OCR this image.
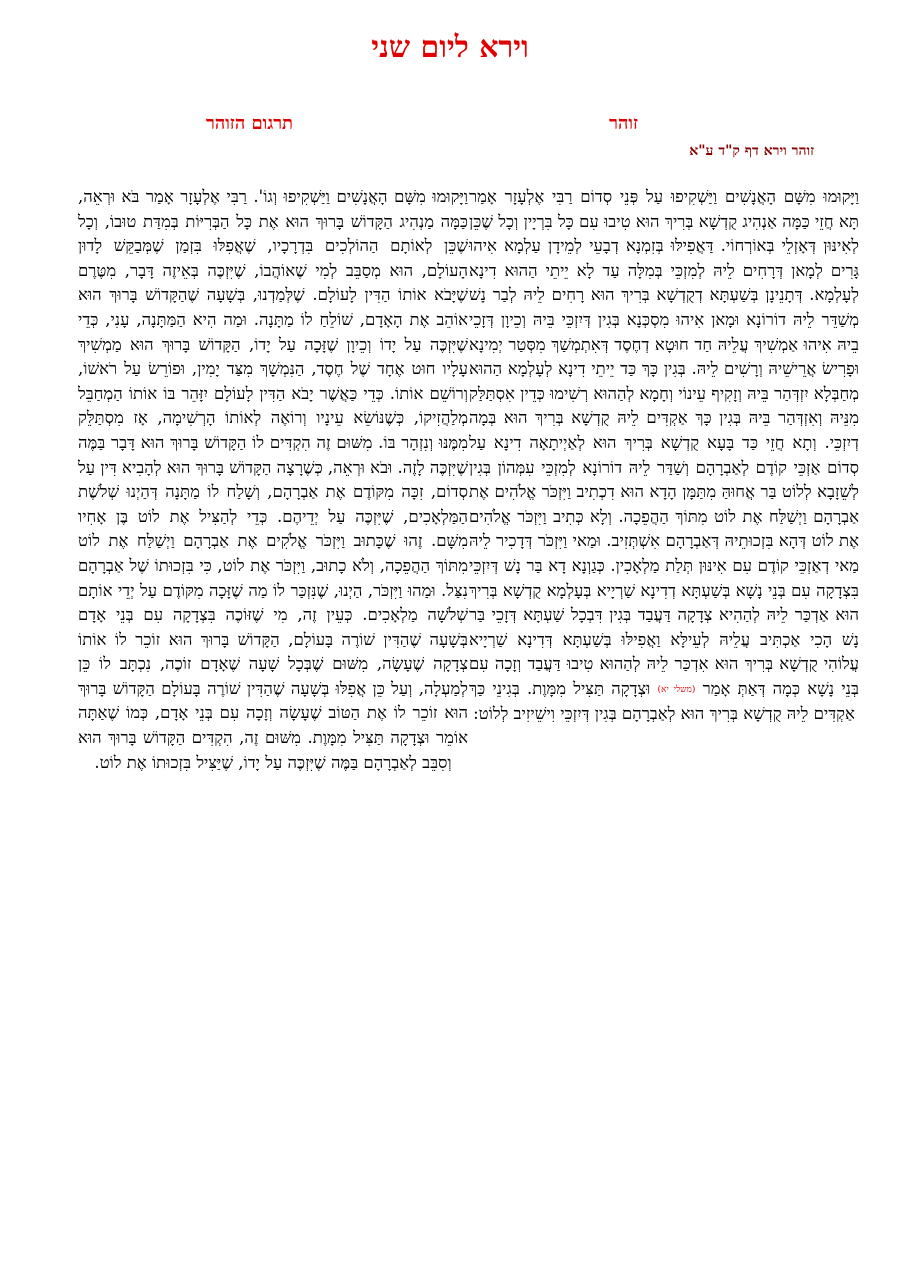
וירא ליום שני
זוהר
תרגום הזוהר
זוהר וירא דף ק"ד ע"א

וַיָּקוּמוּ מִשָּׁם הָאֲנָשִׁים וַיַּשְׁקִיפוּ עַל פְּנֵי סְדוֹם רַבִּי אֶלְעָזָר אָמַר תָּא חֲזֵי כַּמָּה אַנְהִיג קֻדְשָׁא בְּרִיךְ הוּא טִיבוּ עִם כָּל בִּרְיָין וְכָל שֶׁכֵּן לְאִינּוּן דְּאָזְלֵי בְּאוֹרְחוֹי. דַּאֲפִילּוּ בְּזִמְנָא דְבָעֵי לְמֵידָן עַלְמָא אִיהוּ גָּרִים לְמָאן דְּרָחִים לֵיהּ לְמִזְכֵּי בְּמִלָּה עַד לָא יֵיתֵי הַהוּא דִינָא לְעָלְמָא. דְּתָנֵינָן בְּשַׁעְתָּא דְקֻדְשָׁא בְּרִיךְ הוּא רָחִים לֵיהּ לְבַר נָשׁ מְשַׁדֵּר לֵיהּ דוֹרוֹנָא וּמָאן אִיהוּ מִסְכְּנָא בְּגִין דְּיִזְכֵּי בֵּיהּ וְכֵיוָן דְּזָכֵי בֵיהּ אִיהוּ אַמְשִׁיךְ עֲלֵיהּ חַד חוּטָא דְחֶסֶד דְּאִתְמְשַׁךְ מִסְּטַר יְמִינָא וּפָרִישׂ אֲרֵישֵׁיהּ וְרָשִׁים לֵיהּ. בְּגִין כָּךְ כַּד יֵיתֵי דִינָא לְעָלְמָא הַהוּא מְחַבְּלָא יִזְדְּהַר בֵּיהּ וְזָקִיף עֵינוֹי וְחָמָא לְהַהוּא רְשִׁימוּ כְּדֵין אִסְתַּלַּק מִנֵּיהּ וְאִזְדְּהַר בֵּיהּ בְּגִין כָּךְ אַקְדִּים לֵיהּ קֻדְשָׁא בְּרִיךְ הוּא בְּמָה דְיִזְכֵּי. וְתָא חֲזֵי כַּד בָּעָא קֻדְשָׁא בְּרִיךְ הוּא לְאַיְיתָאָה דִינָא עַל סְדוֹם אַזְכֵּי קוֹדֶם לְאַבְרָהָם וְשַׁדַּר לֵיהּ דוֹרוֹנָא לְמִזְכֵּי עִמְּהוֹן בְּגִין לְשֵׁזָבָא לְלוֹט בַּר אֲחוּהַּ מִתַּמָּן הָדָא הוּא דִכְתִיב וַיִּזְכֹּר אֱלֹהִים אֶת אַבְרָהָם וַיְשַׁלַּח אֶת לוֹט מִתּוֹךְ הַהֲפֵכָה. וְלָא כְּתִיב וַיִּזְכֹּר אֱלֹהִים אֶת לוֹט דְּהָא בִּזְכוּתֵיהּ דְּאַבְרָהָם אִשְׁתְּזִיב. וּמַאי וַיִּזְכֹּר דְּדָכִיר לֵיהּ מַאי דְאַזְכֵּי קוֹדֶם עִם אִינּוּן תְּלַת מַלְאָכִין. כְּגַוְנָא דָא בַּר נָשׁ דְּיִזְכֵּי בִּצְדָקָה עִם בְּנֵי נָשָׁא בְּשַׁעְתָּא דְדִינָא שַׁרְיָיא בְּעָלְמָא קֻדְשָׁא בְּרִיךְ הוּא אַדְכַּר לֵיהּ לְהַהִיא צְדָקָה דַּעֲבַד בְּגִין דִּבְכָל שַׁעְתָּא דְּזָכֵי בַּר נָשׁ הָכִי אַכְתִּיב עֲלֵיהּ לְעֵילָּא וַאֲפִילּוּ בְּשַׁעְתָּא דְּדִינָא שַׁרְיָיא עֲלוֹהִי קֻדְשָׁא בְּרִיךְ הוּא אִדְכַּר לֵיהּ לְהַהוּא טִיבוּ דַּעֲבַד וְזָכָה עִם בְּנֵי נָשָׁא כְּמָה דְּאַתְּ אָמַר (משלי יא) וּצְדָקָה תַּצִּיל מִמָּוֶת. בְּגִינֵי כַּךְ אַקְדִּים לֵיהּ קֻדְשָׁא בְּרִיךְ הוּא לְאַבְרָהָם בְּגִין דְּיִזְכֵּי וִישֵׁיזִיב לְלוֹט:

וַיָּקוּמוּ מִשָּׁם הָאֲנָשִׁים וַיַּשְׁקִיפוּ וְגוֹ'. רַבִּי אֶלְעָזָר אָמַר בֹּא וּרְאֵה, כַּמָּה מַנְהִיג הַקָּדוֹשׁ בָּרוּךְ הוּא אֶת כָּל הַבְּרִיּוֹת בְּמִדַּת טוּבוֹ, וְכָל שֶׁכֵּן לְאוֹתָם הַהוֹלְכִים בִּדְרָכָיו, שֶׁאֲפִלּוּ בִּזְמַן שֶׁמְּבַקֵּשׁ לָדוּן הָעוֹלָם, הוּא מְסַבֵּב לְמִי שֶׁאוֹהֲבוֹ, שֶׁיִּזְכֶּה בְּאֵיזֶה דָּבָר, מִטֶּרֶם שֶׁיָּבֹא אוֹתוֹ הַדִּין לָעוֹלָם. שֶׁלְּמַדְנוּ, בְּשָׁעָה שֶׁהַקָּדוֹשׁ בָּרוּךְ הוּא אוֹהֵב אֶת הָאָדָם, שׁוֹלֵחַ לוֹ מַתָּנָה. וּמַה הִיא הַמַּתָּנָה, עָנִי, כְּדֵי שֶׁיִּזְכֶּה עַל יָדוֹ וְכֵיוָן שֶׁזָּכָה עַל יָדוֹ, הַקָּדוֹשׁ בָּרוּךְ הוּא מַמְשִׁיךְ עָלָיו חוּט אֶחָד שֶׁל חֶסֶד, הַנִּמְשָׁךְ מִצַּד יָמִין, וּפוֹרֵשׂ עַל רֹאשׁוֹ, וְרוֹשֵׁם אוֹתוֹ. כְּדֵי כַּאֲשֶׁר יָבֹא הַדִּין לָעוֹלָם יִזָּהֵר בּוֹ אוֹתוֹ הַמְחַבֵּל מְלַהֲזִיקוֹ, כְּשֶׁנּוֹשֵׂא עֵינָיו וְרוֹאֶה לְאוֹתוֹ הָרְשִׁימָה, אָז מִסְתַּלֵּק מִמֶּנּוּ וְנִזְהָר בּוֹ. מִשּׁוּם זֶה הִקְדִּים לוֹ הַקָּדוֹשׁ בָּרוּךְ הוּא דָּבָר בַּמֶּה שֶׁיִּזְכֶּה לָזֶה. וּבֹא וּרְאֵה, כְּשֶׁרָצָה הַקָּדוֹשׁ בָּרוּךְ הוּא לְהָבִיא דִּין עַל סְדוֹם, זִכָּה מִקּוֹדֶם אֶת אַבְרָהָם, וְשָׁלַח לוֹ מַתָּנָה דְּהַיְנוּ שְׁלֹשֶׁת הַמַּלְאָכִים, שֶׁיִּזְכֶּה עַל יְדֵיהֶם. כְּדֵי לְהַצִּיל אֶת לוֹט בֶּן אָחִיו מִשָּׁם. זֶהוּ שֶׁכָּתוּב וַיִּזְכֹּר אֱלֹקִים אֶת אַבְרָהָם וַיְשַׁלַּח אֶת לוֹט מִתּוֹךְ הַהֲפֵכָה, וְלֹא כָתוּב, וַיִּזְכֹּר אֶת לוֹט, כִּי בִּזְכוּתוֹ שֶׁל אַבְרָהָם נִצַּל. וּמַהוּ וַיִּזְכֹּר, הַיְנוּ, שֶׁנִּזְכַּר לוֹ מַה שֶׁזָּכָה מִקּוֹדֶם עַל יְדֵי אוֹתָם שְׁלֹשָׁה מַלְאָכִים. כְּעֵין זֶה, מִי שֶׁזּוֹכֶה בִּצְדָקָה עִם בְּנֵי אָדָם בְּשָׁעָה שֶׁהַדִּין שׁוֹרֶה בָּעוֹלָם, הַקָּדוֹשׁ בָּרוּךְ הוּא זוֹכֵר לוֹ אוֹתוֹ צְדָקָה שֶׁעָשָׂה, מִשּׁוּם שֶׁבְּכָל שָׁעָה שֶׁאָדָם זוֹכֶה, נִכְתָּב לוֹ כֵּן לְמַעְלָה, וְעַל כֵּן אֲפִלּוּ בְּשָׁעָה שֶׁהַדִּין שׁוֹרֶה בָּעוֹלָם הַקָּדוֹשׁ בָּרוּךְ הוּא זוֹכֵר לוֹ אֶת הַטּוֹב שֶׁעָשָׂה וְזָכָה עִם בְּנֵי אָדָם, כְּמוֹ שֶׁאַתָּה אוֹמֵר וּצְדָקָה תַּצִּיל מִמָּוֶת. מִשּׁוּם זֶה, הִקְדִּים הַקָּדוֹשׁ בָּרוּךְ הוּא וְסִבֵּב לְאַבְרָהָם בַּמֶּה שֶׁיִּזְכֶּה עַל יָדוֹ, שֶׁיַּצִּיל בִּזְכוּתוֹ אֶת לוֹט.
